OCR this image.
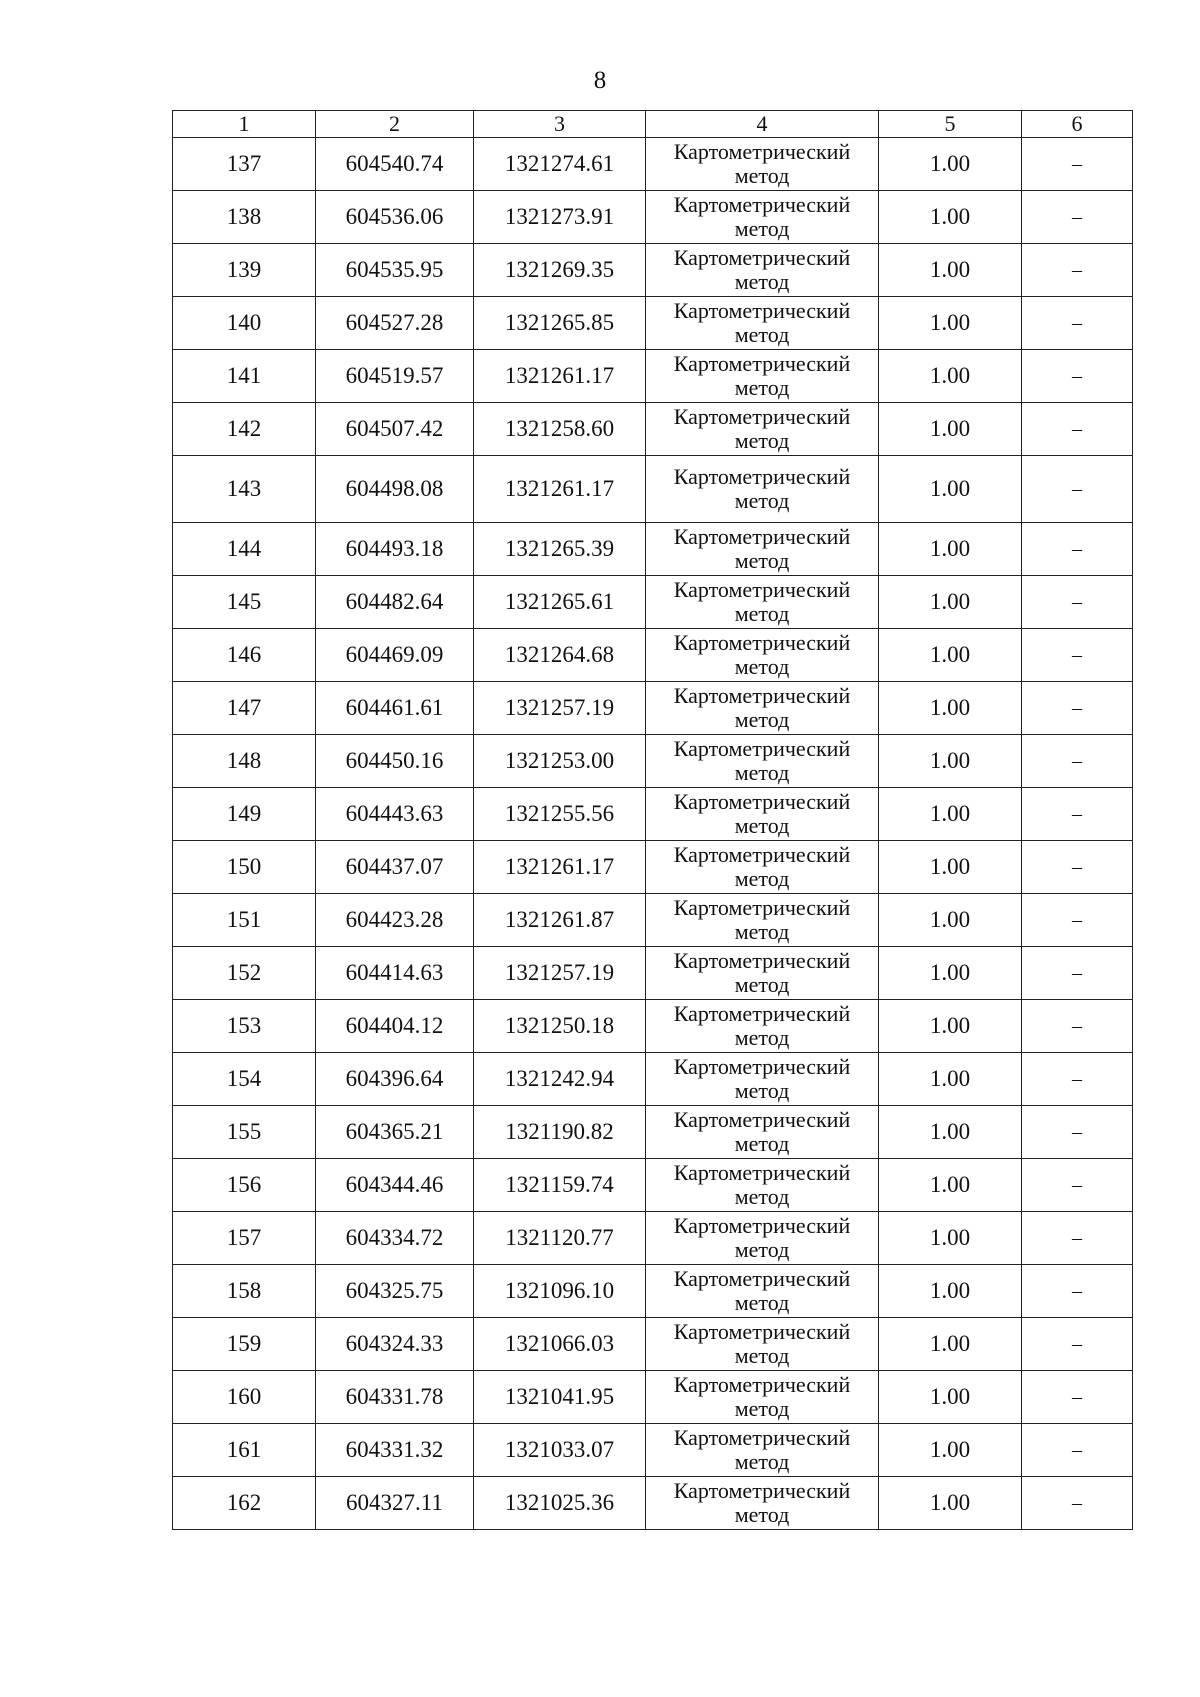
8
1	2	3	4	5	6
137	604540.74	1321274.61	Картометрический метод	1.00	–
138	604536.06	1321273.91	Картометрический метод	1.00	–
139	604535.95	1321269.35	Картометрический метод	1.00	–
140	604527.28	1321265.85	Картометрический метод	1.00	–
141	604519.57	1321261.17	Картометрический метод	1.00	–
142	604507.42	1321258.60	Картометрический метод	1.00	–
143	604498.08	1321261.17	Картометрический метод	1.00	–
144	604493.18	1321265.39	Картометрический метод	1.00	–
145	604482.64	1321265.61	Картометрический метод	1.00	–
146	604469.09	1321264.68	Картометрический метод	1.00	–
147	604461.61	1321257.19	Картометрический метод	1.00	–
148	604450.16	1321253.00	Картометрический метод	1.00	–
149	604443.63	1321255.56	Картометрический метод	1.00	–
150	604437.07	1321261.17	Картометрический метод	1.00	–
151	604423.28	1321261.87	Картометрический метод	1.00	–
152	604414.63	1321257.19	Картометрический метод	1.00	–
153	604404.12	1321250.18	Картометрический метод	1.00	–
154	604396.64	1321242.94	Картометрический метод	1.00	–
155	604365.21	1321190.82	Картометрический метод	1.00	–
156	604344.46	1321159.74	Картометрический метод	1.00	–
157	604334.72	1321120.77	Картометрический метод	1.00	–
158	604325.75	1321096.10	Картометрический метод	1.00	–
159	604324.33	1321066.03	Картометрический метод	1.00	–
160	604331.78	1321041.95	Картометрический метод	1.00	–
161	604331.32	1321033.07	Картометрический метод	1.00	–
162	604327.11	1321025.36	Картометрический метод	1.00	–
